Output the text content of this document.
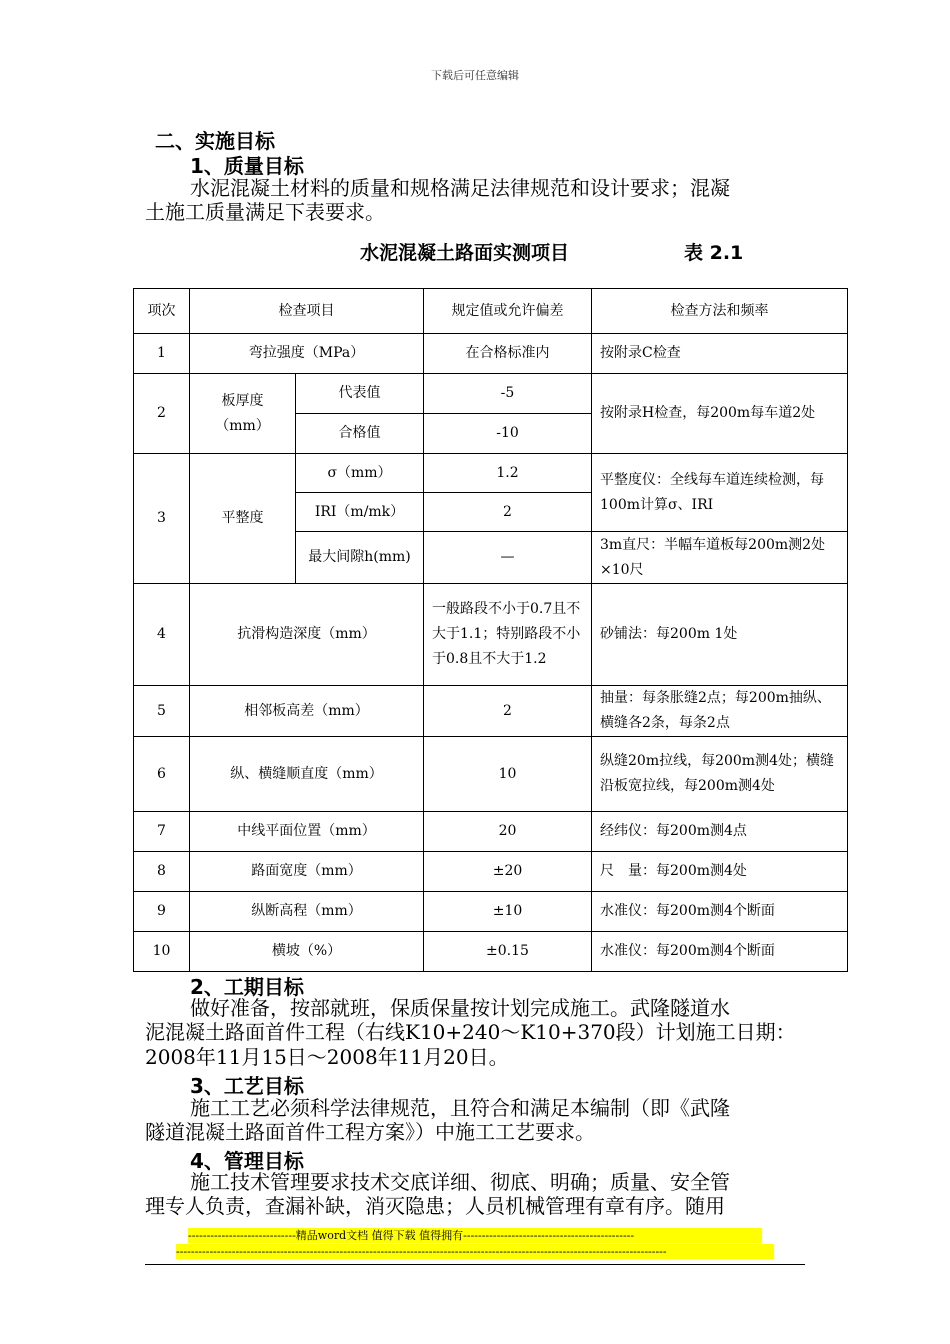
下载后可任意编辑
二、实施目标
1、质量目标
水泥混凝土材料的质量和规格满足法律规范和设计要求；混凝
土施工质量满足下表要求。
水泥混凝土路面实测项目	表 2.1
项次	检查项目		规定值或允许偏差	检查方法和频率
1	弯拉强度（MPa）		在合格标准内	按附录C检查
2	板厚度（mm）	代表值	-5	按附录H检查，每200m每车道2处
		合格值	-10	
3	平整度	σ（mm）	1.2	平整度仪：全线每车道连续检测，每100m计算σ、IRI
		IRI（m/mk）	2	
		最大间隙h(mm)	—	3m直尺：半幅车道板每200m测2处×10尺
4	抗滑构造深度（mm）		一般路段不小于0.7且不大于1.1；特别路段不小于0.8且不大于1.2	砂铺法：每200m 1处
5	相邻板高差（mm）		2	抽量：每条胀缝2点；每200m抽纵、横缝各2条，每条2点
6	纵、横缝顺直度（mm）		10	纵缝20m拉线，每200m测4处；横缝沿板宽拉线，每200m测4处
7	中线平面位置（mm）		20	经纬仪：每200m测4点
8	路面宽度（mm）		±20	尺　量：每200m测4处
9	纵断高程（mm）		±10	水准仪：每200m测4个断面
10	横坡（%）		±0.15	水准仪：每200m测4个断面
2、工期目标
做好准备，按部就班，保质保量按计划完成施工。武隆隧道水
泥混凝土路面首件工程（右线K10+240～K10+370段）计划施工日期：
2008年11月15日～2008年11月20日。
3、工艺目标
施工工艺必须科学法律规范，且符合和满足本编制（即《武隆
隧道混凝土路面首件工程方案》）中施工工艺要求。
4、管理目标
施工技术管理要求技术交底详细、彻底、明确；质量、安全管
理专人负责，查漏补缺，消灭隐患；人员机械管理有章有序。随用
-----------------------------精品word文档 值得下载 值得拥有----------------------------------------------
------------------------------------------------------------------------------------------------------------------------------------
